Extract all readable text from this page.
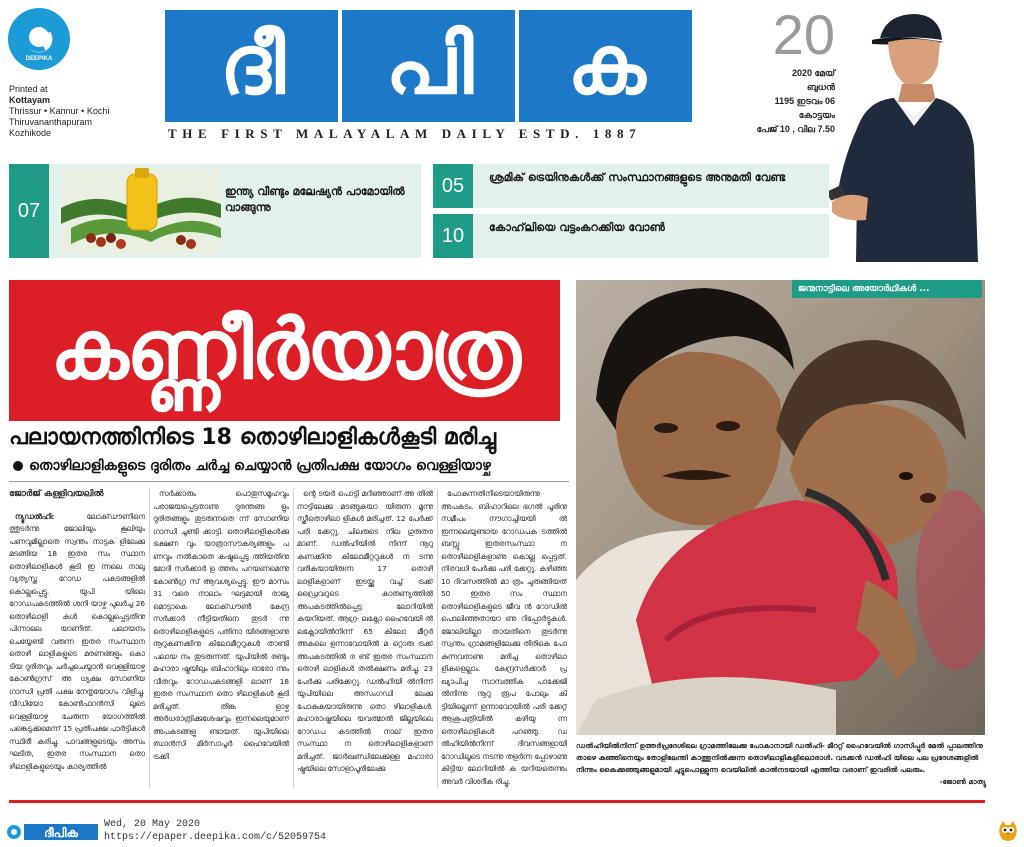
DEEPIKA
Printed at
Kottayam
Thrissur • Kannur • Kochi
Thiruvananthapuram
Kozhikode
ദീ	പി	ക
THE FIRST MALAYALAM DAILY ESTD. 1887
20
2020 മേയ്
ബുധൻ
1195 ഇടവം 06
കോട്ടയം
പേജ് 10 , വില 7.50
07
ഇന്ത്യ വീണ്ടും മലേഷ്യൻ പാമോയിൽ വാങ്ങുന്നു
05	ശ്രമിക് ട്രെയിനുകൾക്ക് സംസ്ഥാനങ്ങളുടെ അനുമതി വേണ്ട
10	കോഹ്‌ലിയെ വട്ടംകറക്കിയ വോൺ
കണ്ണീർയാത്ര
പലായനത്തിനിടെ 18 തൊഴിലാളികൾകൂടി മരിച്ചു
തൊഴിലാളികളുടെ ദുരിതം ചർച്ച ചെയ്യാൻ പ്രതിപക്ഷ യോഗം വെള്ളിയാഴ്ച

ജോർജ് കള്ളിവയലിൽ

ന്യൂഡൽഹി:	ലോക്ഡൗണിനെ ത്തുടർന്നു ജോലിയും കൂലിയും പണവുമില്ലാതെ സ്വന്തം നാട്ടക ളിലേക്കു മടങ്ങിയ 18 ഇതര സം സ്ഥാന തൊഴിലാളികൾ കൂടി ഇ ന്നലെ നാലു വ്യത്യസ്ത റോഡ പകടങ്ങളിൽ കൊല്ലപ്പെട്ടു. യുപി യിലെ റോഡപകടത്തിൽ ശനി യാഴ്ച പുലർച്ച 26 തൊഴിലാളി കൾ കൊല്ലപ്പെട്ടതിനു പിന്നാലെ യാണിത്. പലായനം ചെയ്യേണ്ടി വരുന്ന ഇതര സംസ്ഥാന തൊഴി ലാളികളുടെ മരണങ്ങളും കൊ ടിയ ദുരിതവും ചർച്ചചെയ്യാൻ വെള്ളിയാഴ്ച കോൺഗ്രസ് അ ധ്യക്ഷ സോണിയ ഗാന്ധി പ്രതി പക്ഷ നേതൃയോഗം വിളിച്ചു. വീഡിയോ കോൺഫറൻസി ലൂടെ വെള്ളിയാഴ്ച ചേരുന്ന യോഗത്തിൽ പങ്കെടുക്കുമെന്ന് 15 പ്രതിപക്ഷ പാർട്ടികൾ സ്ഥിരീ കരിച്ചു. പാവങ്ങളുടെയും അസം ഘടിത, ഇതര സംസ്ഥാന തൊ ഴിലാളികളുടെയും കാര്യത്തിൽ

സർക്കാരും പൊതുസമൂഹവും പരാജയപ്പെട്ടതാണു ദുരന്തങ്ങ ളും ദുരിതങ്ങളും തുടരുന്നതെ ന്ന് സോണിയ ഗാന്ധി ചൂണ്ടി ക്കാട്ടി. തൊഴിലാളികൾക്കു ഭക്ഷണ വും യാത്രാസൗകര്യങ്ങളും പ ണവും നൽകാതെ കഷ്ടപ്പെടു ത്തിയതിനു മോദി സർക്കാർ ഉ ത്തരം പറയണമെന്നു കോൺഗ്ര സ് ആവശ്യപ്പെട്ടു. ഈ മാസം 31 വരെ നാലാം ഘട്ടമായി രാജ്യ മൊട്ടാകെ ലോക്ഡൗൺ കേന്ദ്ര സർക്കാർ നീട്ടിയതിനെ തുടർ ന്നു തൊഴിലാളികളുടെ പതിനാ യിരങ്ങളാണു നൂറുകണക്കിനു കിലോമീറ്ററുകൾ താണ്ടി പലായ നം തുടരുന്നത്. യുപിയിൽ രണ്ടും മഹാരാ ഷ്ട്രയിലും ബിഹാറിലും ഓരോ ന്നും വീതവും റോഡപകടങ്ങളി ലാണ് 18 ഇതര സംസ്ഥാന തൊ ഴിലാളികൾ കൂടി മരിച്ചത്. തിങ്ക ളാഴ്ച അർധരാത്രിക്കുശേഷവും ഇന്നലെയുമാണ് അപകടങ്ങളു ണ്ടായത്. യുപിയിലെ ഝാൻസി മിർസാപൂർ ഹൈവേയിൽ ട്രക്കി

ന്റെ ടയർ പൊട്ടി മറിഞ്ഞാണ് അ തിൽ നാട്ടിലേക്കു മടങ്ങുകയാ യിരുന്ന മൂന്നു സ്ത്രീതൊഴിലാ ളികൾ മരിച്ചത്. 12 പേർക്ക് പരി ക്കേറ്റു. ചിലരുടെ നില ഗുരുതര മാണ്. ഡൽഹിയിൽ നിന്ന് നൂറു കണക്കിനു കിലോമീറ്ററുകൾ ന ടന്നു വരികയായിരുന്ന 17 തൊഴി ലാളികളാണ് ഇടയ്ക്കു വച്ച് ട്രക്ക് ഡ്രൈവറുടെ കാരുണ്യത്തിൽ അപകടത്തിൽപ്പെട്ട ലോറിയിൽ കയറിയത്. ആഗ്ര- ലക്നോ ഹൈവേയി ൽ ലക്നോയിൽനിന്ന് 65 കിലോ മീറ്റർ അകലെ ഉന്നാവോയിൽ മ റ്റൊരു ട്രക്ക് അപകടത്തിൽ ര ണ്ട് ഇതര സംസ്ഥാന തൊഴി ലാളികൾ തൽക്ഷണം മരിച്ചു. 23 പേർക്കു പരിക്കേറ്റു. ഡൽഹിയി ൽനിന്ന് യുപിയിലെ അസംഗഡി ലേക്കു പോകുകയായിരുന്നു തൊ ഴിലാളികൾ. മഹാരാഷ്ട്രയിലെ യവത്മാൽ ജില്ലയിലെ റോഡപ കടത്തിൽ നാല് ഇതര സംസ്ഥാ ന തൊഴിലാളികളാണ് മരിച്ചത്. ജാർഖണ്ഡിലേക്കുള്ള മഹാരാ ഷ്ട്രയിലെ സോളാപൂരിലേക്കു

പോകുന്നതിനിടെയായിരുന്നു അപകടം. ബിഹാറിലെ ഭഗൽ പൂരിനു സമീപം നൗഗാച്ചിയയി ൽ ഇന്നലെയുണ്ടായ റോഡപക ടത്തിൽ ബസ്സു ഇതരസംസ്ഥാ ന തൊഴിലാളികളാണു കൊല്ല പ്പെട്ടത്. നിരവധി പേർക്കു പരി ക്കേറ്റു. കഴിഞ്ഞ 10 ദിവസത്തിൽ മാ ത്രം ചുരുങ്ങിയത് 50 ഇതര സം സ്ഥാന തൊഴിലാളികളുടെ ജീവ ൻ റോഡിൽ പൊലിഞ്ഞതായാ ണു റിപ്പോർട്ടുകൾ. ജോലിയില്ലാ തായതിനെ തുടർന്നു സ്വന്തം ഗ്രാമങ്ങളിലേക്കു തിരികെ പോ കുന്നവരാണു മരിച്ച തൊഴിലാ ളികളെല്ലാം. കേന്ദ്രസർക്കാർ പ്ര ഖ്യാപിച്ച സാമ്പത്തിക പാക്കേജി ൽനിന്നു നൂറു രൂപ പോലും കി ട്ടിയില്ലെന്ന് ഉന്നാവോയിൽ പരി ക്കേറ്റ് ആശുപത്രിയിൽ കഴിയു ന്ന തൊഴിലാളികൾ പറഞ്ഞു. ഡ ൽഹിയിൽനിന്ന് ദിവസങ്ങളായി റോഡിലൂടെ നടന്നു തളർന്ന പ്പോഴാണു കിട്ടിയ ലോറിയിൽ ക യറിയതെന്നും അവർ വിശദീക രിച്ചു.

ജന്മനാട്ടിലെ അയോർഥികൾ ...
ഡൽഹിയിൽനിന്ന് ഉത്തർപ്രദേശിലെ ഗ്രാമത്തിലേക്കു പോകാനായി ഡൽഹി- മീററ്റ് ഹൈവേയിൽ ഗാസിപ്പൂർ മേൽ പ്പാലത്തിനു താഴെ കുഞ്ഞിനെയും തോളിലേന്തി കാത്തുനിൽക്കുന്ന തൊഴിലാളികളിലൊരാൾ. വടക്കൻ ഡൽഹി യിലെ പല പ്രദേശങ്ങളിൽ നിന്നും കൈക്കുഞ്ഞുങ്ങളുമായി ചുട്ടുപൊള്ളുന്ന വെയിലിൽ കാൽനടയായി എത്തിയ വരാണ് ഇവരിൽ പലരും.
-ജോൺ മാത്യു
ദീപിക
Wed, 20 May 2020
https://epaper.deepika.com/c/52059754
